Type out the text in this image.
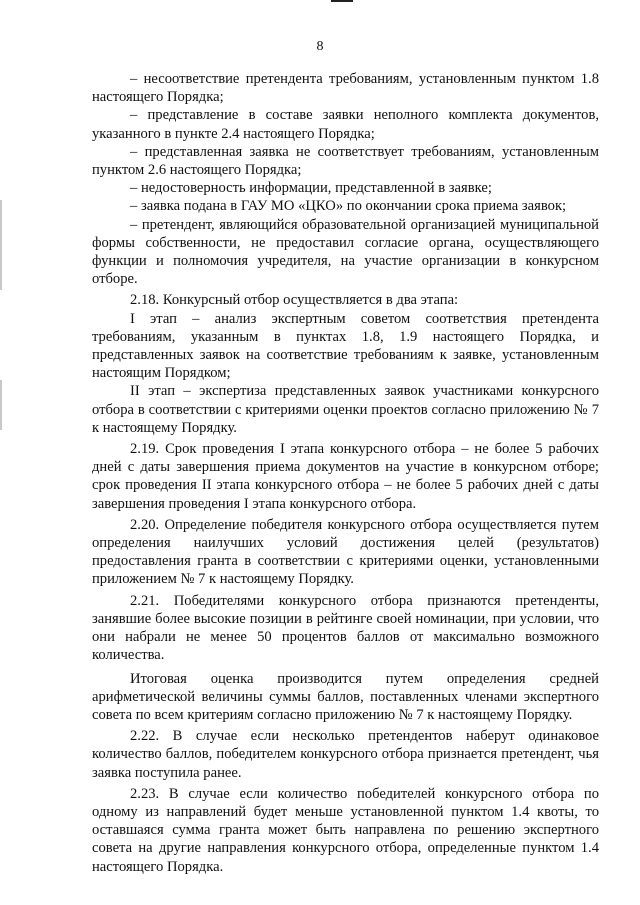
8

– несоответствие претендента требованиям, установленным пунктом 1.8 настоящего Порядка;

– представление в составе заявки неполного комплекта документов, указанного в пункте 2.4 настоящего Порядка;

– представленная заявка не соответствует требованиям, установленным пунктом 2.6 настоящего Порядка;

– недостоверность информации, представленной в заявке;

– заявка подана в ГАУ МО «ЦКО» по окончании срока приема заявок;

– претендент, являющийся образовательной организацией муниципальной формы собственности, не предоставил согласие органа, осуществляющего функции и полномочия учредителя, на участие организации в конкурсном отборе.

2.18. Конкурсный отбор осуществляется в два этапа:

I этап – анализ экспертным советом соответствия претендента требованиям, указанным в пунктах 1.8, 1.9 настоящего Порядка, и представленных заявок на соответствие требованиям к заявке, установленным настоящим Порядком;

II этап – экспертиза представленных заявок участниками конкурсного отбора в соответствии с критериями оценки проектов согласно приложению № 7 к настоящему Порядку.

2.19. Срок проведения I этапа конкурсного отбора – не более 5 рабочих дней с даты завершения приема документов на участие в конкурсном отборе; срок проведения II этапа конкурсного отбора – не более 5 рабочих дней с даты завершения проведения I этапа конкурсного отбора.

2.20. Определение победителя конкурсного отбора осуществляется путем определения наилучших условий достижения целей (результатов) предоставления гранта в соответствии с критериями оценки, установленными приложением № 7 к настоящему Порядку.

2.21. Победителями конкурсного отбора признаются претенденты, занявшие более высокие позиции в рейтинге своей номинации, при условии, что они набрали не менее 50 процентов баллов от максимально возможного количества.

Итоговая оценка производится путем определения средней арифметической величины суммы баллов, поставленных членами экспертного совета по всем критериям согласно приложению № 7 к настоящему Порядку.

2.22. В случае если несколько претендентов наберут одинаковое количество баллов, победителем конкурсного отбора признается претендент, чья заявка поступила ранее.

2.23. В случае если количество победителей конкурсного отбора по одному из направлений будет меньше установленной пунктом 1.4 квоты, то оставшаяся сумма гранта может быть направлена по решению экспертного совета на другие направления конкурсного отбора, определенные пунктом 1.4 настоящего Порядка.
